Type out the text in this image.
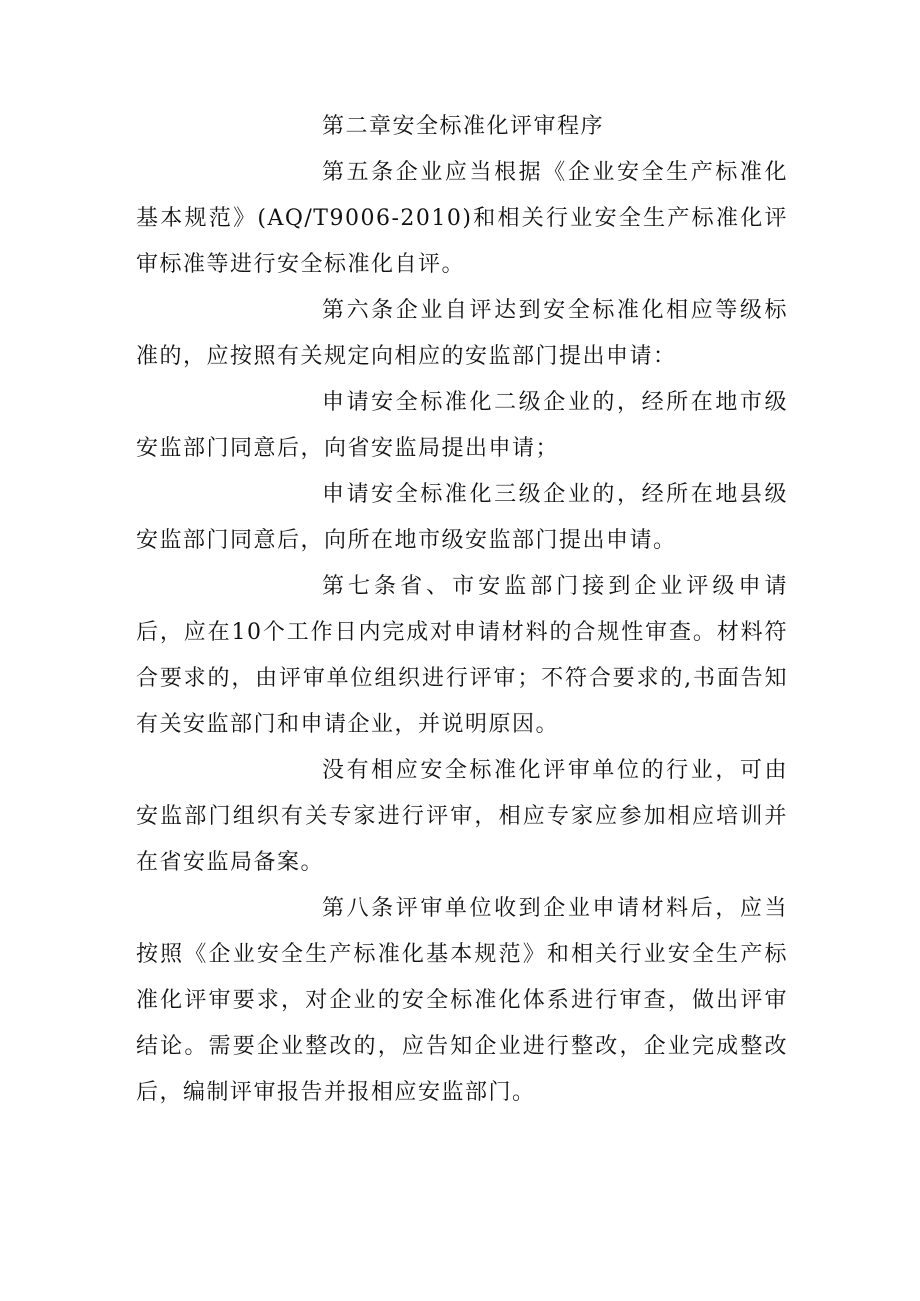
第二章安全标准化评审程序

第五条企业应当根据《企业安全生产标准化基本规范》(AQ/T9006-2010)和相关行业安全生产标准化评审标准等进行安全标准化自评。

第六条企业自评达到安全标准化相应等级标准的，应按照有关规定向相应的安监部门提出申请：

申请安全标准化二级企业的，经所在地市级安监部门同意后，向省安监局提出申请；

申请安全标准化三级企业的，经所在地县级安监部门同意后，向所在地市级安监部门提出申请。

第七条省、市安监部门接到企业评级申请后，应在10个工作日内完成对申请材料的合规性审查。材料符合要求的，由评审单位组织进行评审；不符合要求的,书面告知有关安监部门和申请企业，并说明原因。

没有相应安全标准化评审单位的行业，可由安监部门组织有关专家进行评审，相应专家应参加相应培训并在省安监局备案。

第八条评审单位收到企业申请材料后，应当按照《企业安全生产标准化基本规范》和相关行业安全生产标准化评审要求，对企业的安全标准化体系进行审查，做出评审结论。需要企业整改的，应告知企业进行整改，企业完成整改后，编制评审报告并报相应安监部门。
